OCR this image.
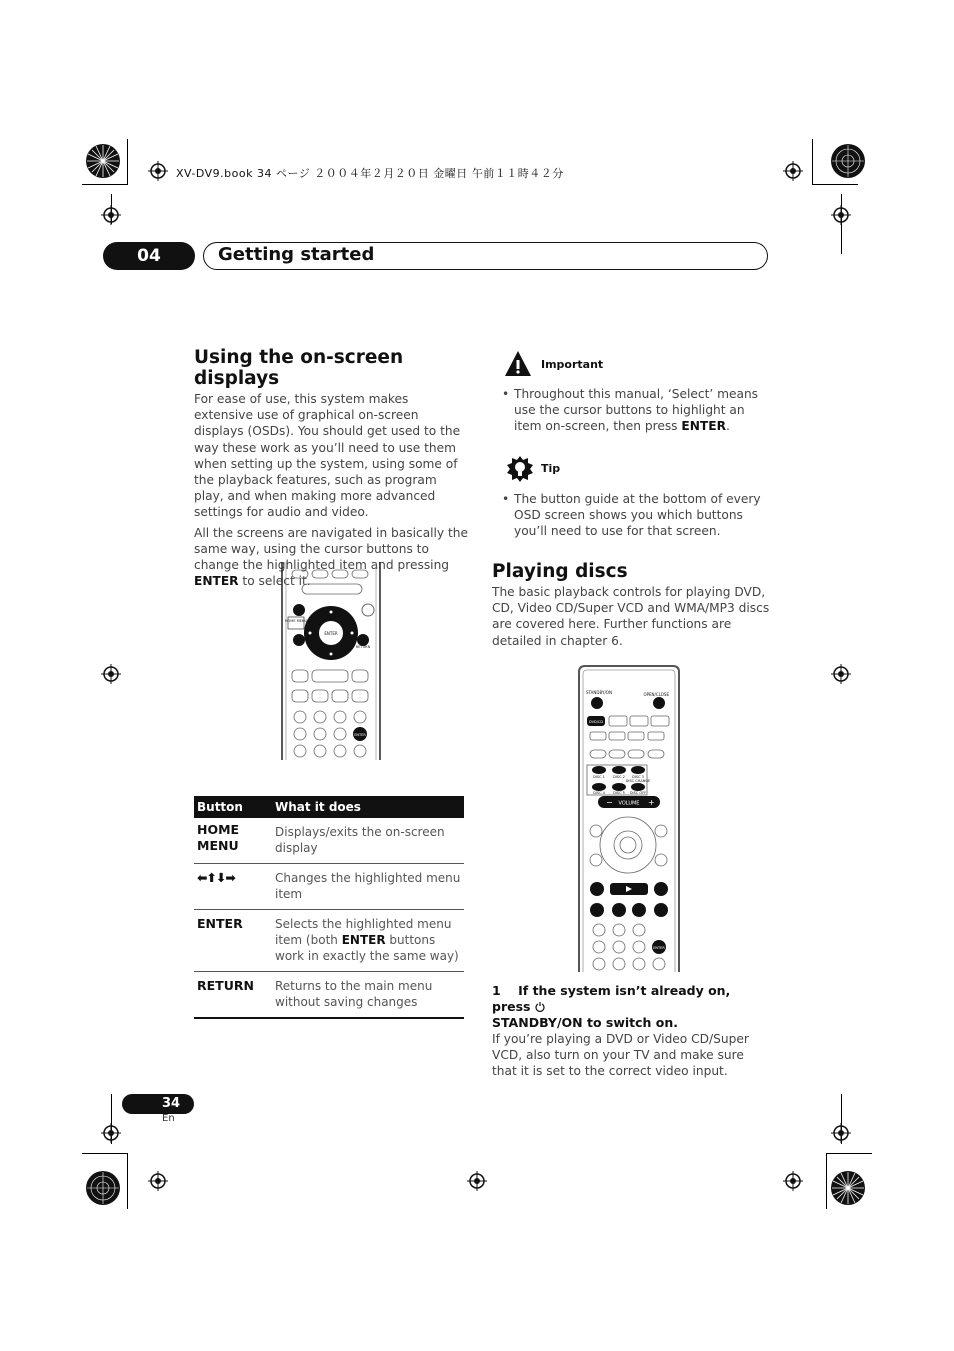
XV-DV9.book 34 ページ ２００４年２月２０日 金曜日 午前１１時４２分
04	Getting started
Using the on-screen displays

For ease of use, this system makes extensive use of graphical on-screen displays (OSDs). You should get used to the way these work as you’ll need to use them when setting up the system, using some of the playback features, such as program play, and when making more advanced settings for audio and video.

All the screens are navigated in basically the same way, using the cursor buttons to change the highlighted item and pressing ENTER to select it.

HOME MENU
ENTER
RETURN
ENTER
Button	What it does
HOME MENU	Displays/exits the on-screen display
⬅⬆⬇➡	Changes the highlighted menu item
ENTER	Selects the highlighted menu item (both ENTER buttons work in exactly the same way)
RETURN	Returns to the main menu without saving changes
Important

• Throughout this manual, ‘Select’ means use the cursor buttons to highlight an item on-screen, then press ENTER.

Tip

• The button guide at the bottom of every OSD screen shows you which buttons you’ll need to use for that screen.

Playing discs

The basic playback controls for playing DVD, CD, Video CD/Super VCD and WMA/MP3 discs are covered here. Further functions are detailed in chapter 6.

STANDBY/ON	OPEN/CLOSE
DVD/CD
DISC 1 DISC 2 DISC 3
DISC 4 DISC 5
DISC CHANGE
DISC OFF
VOLUME
−	+
ENTER

1 If the system isn’t already on, press
STANDBY/ON to switch on.

If you’re playing a DVD or Video CD/Super VCD, also turn on your TV and make sure that it is set to the correct video input.

34
En
